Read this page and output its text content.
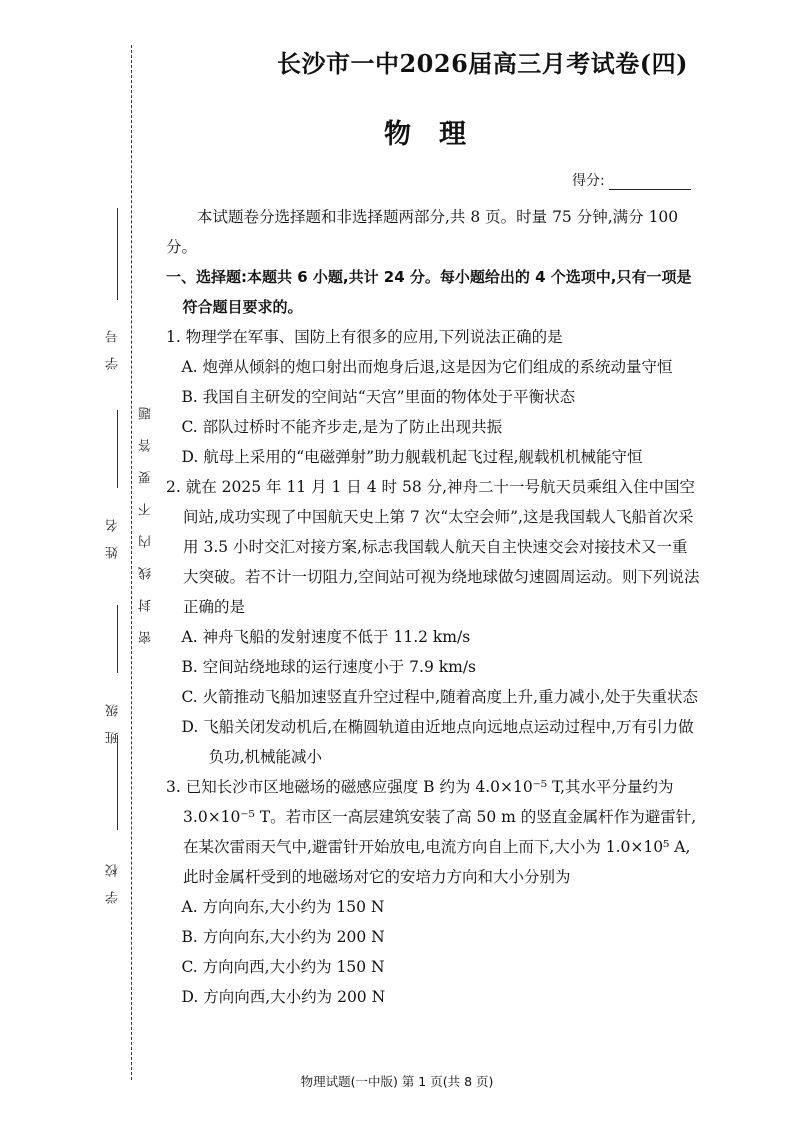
学号
姓名
班级
学校
密封线内不要答题
长沙市一中2026届高三月考试卷(四)
物理
得分:

本试题卷分选择题和非选择题两部分,共 8 页。时量 75 分钟,满分 100 分。

一、选择题:本题共 6 小题,共计 24 分。每小题给出的 4 个选项中,只有一项是符合题目要求的。

1. 物理学在军事、国防上有很多的应用,下列说法正确的是

A. 炮弹从倾斜的炮口射出而炮身后退,这是因为它们组成的系统动量守恒

B. 我国自主研发的空间站“天宫”里面的物体处于平衡状态

C. 部队过桥时不能齐步走,是为了防止出现共振

D. 航母上采用的“电磁弹射”助力舰载机起飞过程,舰载机机械能守恒

2. 就在 2025 年 11 月 1 日 4 时 58 分,神舟二十一号航天员乘组入住中国空间站,成功实现了中国航天史上第 7 次“太空会师”,这是我国载人飞船首次采用 3.5 小时交汇对接方案,标志我国载人航天自主快速交会对接技术又一重大突破。若不计一切阻力,空间站可视为绕地球做匀速圆周运动。则下列说法正确的是

A. 神舟飞船的发射速度不低于 11.2 km/s

B. 空间站绕地球的运行速度小于 7.9 km/s

C. 火箭推动飞船加速竖直升空过程中,随着高度上升,重力减小,处于失重状态

D. 飞船关闭发动机后,在椭圆轨道由近地点向远地点运动过程中,万有引力做负功,机械能减小

3. 已知长沙市区地磁场的磁感应强度 B 约为 4.0×10⁻⁵ T,其水平分量约为 3.0×10⁻⁵ T。若市区一高层建筑安装了高 50 m 的竖直金属杆作为避雷针,在某次雷雨天气中,避雷针开始放电,电流方向自上而下,大小为 1.0×10⁵ A,此时金属杆受到的地磁场对它的安培力方向和大小分别为

A. 方向向东,大小约为 150 N

B. 方向向东,大小约为 200 N

C. 方向向西,大小约为 150 N

D. 方向向西,大小约为 200 N

物理试题(一中版) 第 1 页(共 8 页)
